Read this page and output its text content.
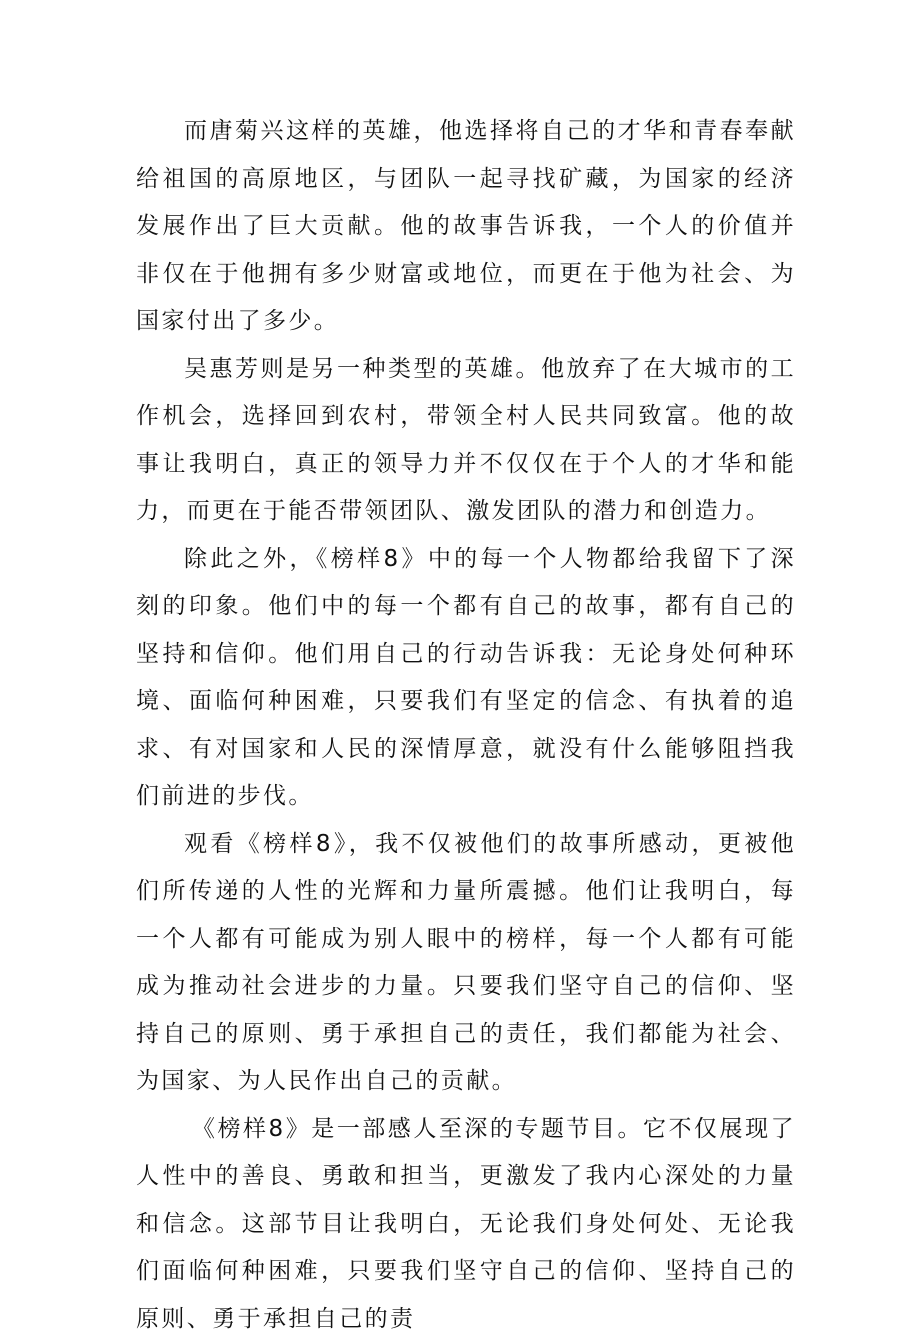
而唐菊兴这样的英雄，他选择将自己的才华和青春奉献给祖国的高原地区，与团队一起寻找矿藏，为国家的经济发展作出了巨大贡献。他的故事告诉我，一个人的价值并非仅在于他拥有多少财富或地位，而更在于他为社会、为国家付出了多少。

吴惠芳则是另一种类型的英雄。他放弃了在大城市的工作机会，选择回到农村，带领全村人民共同致富。他的故事让我明白，真正的领导力并不仅仅在于个人的才华和能力，而更在于能否带领团队、激发团队的潜力和创造力。

除此之外，《榜样8》中的每一个人物都给我留下了深刻的印象。他们中的每一个都有自己的故事，都有自己的坚持和信仰。他们用自己的行动告诉我：无论身处何种环境、面临何种困难，只要我们有坚定的信念、有执着的追求、有对国家和人民的深情厚意，就没有什么能够阻挡我们前进的步伐。

观看《榜样8》，我不仅被他们的故事所感动，更被他们所传递的人性的光辉和力量所震撼。他们让我明白，每一个人都有可能成为别人眼中的榜样，每一个人都有可能成为推动社会进步的力量。只要我们坚守自己的信仰、坚持自己的原则、勇于承担自己的责任，我们都能为社会、为国家、为人民作出自己的贡献。

《榜样8》是一部感人至深的专题节目。它不仅展现了人性中的善良、勇敢和担当，更激发了我内心深处的力量和信念。这部节目让我明白，无论我们身处何处、无论我们面临何种困难，只要我们坚守自己的信仰、坚持自己的原则、勇于承担自己的责
